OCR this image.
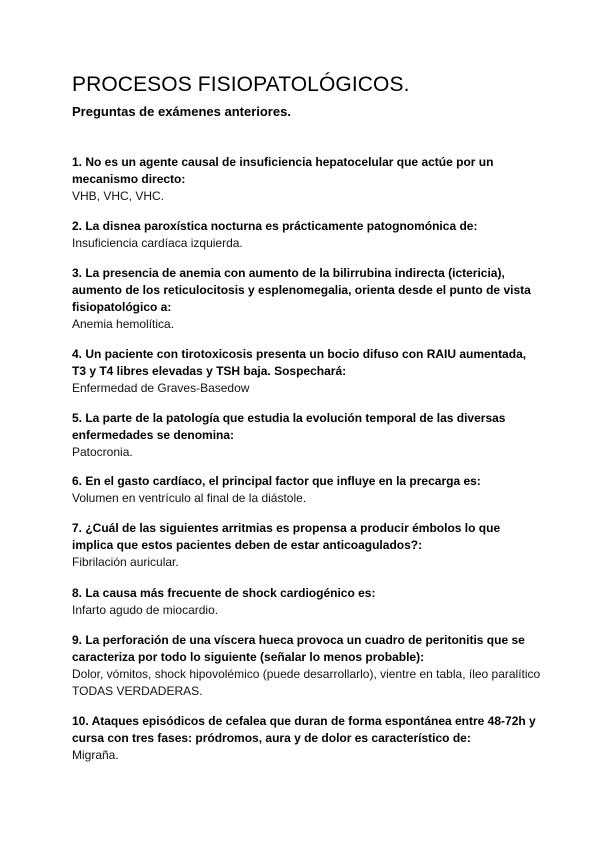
PROCESOS FISIOPATOLÓGICOS.
Preguntas de exámenes anteriores.

1. No es un agente causal de insuficiencia hepatocelular que actúe por un mecanismo directo:

VHB, VHC, VHC.

2. La disnea paroxística nocturna es prácticamente patognomónica de:

Insuficiencia cardíaca izquierda.

3. La presencia de anemia con aumento de la bilirrubina indirecta (ictericia), aumento de los reticulocitosis y esplenomegalia, orienta desde el punto de vista fisiopatológico a:

Anemia hemolítica.

4. Un paciente con tirotoxicosis presenta un bocio difuso con RAIU aumentada, T3 y T4 libres elevadas y TSH baja. Sospechará:

Enfermedad de Graves-Basedow

5. La parte de la patología que estudia la evolución temporal de las diversas enfermedades se denomina:

Patocronia.

6. En el gasto cardíaco, el principal factor que influye en la precarga es:

Volumen en ventrículo al final de la diástole.

7. ¿Cuál de las siguientes arritmias es propensa a producir émbolos lo que implica que estos pacientes deben de estar anticoagulados?:

Fibrilación auricular.

8. La causa más frecuente de shock cardiogénico es:

Infarto agudo de miocardio.

9. La perforación de una víscera hueca provoca un cuadro de peritonitis que se caracteriza por todo lo siguiente (señalar lo menos probable):

Dolor, vómitos, shock hipovolémico (puede desarrollarlo), vientre en tabla, íleo paralítico TODAS VERDADERAS.

10. Ataques episódicos de cefalea que duran de forma espontánea entre 48-72h y cursa con tres fases: pródromos, aura y de dolor es característico de:

Migraña.
